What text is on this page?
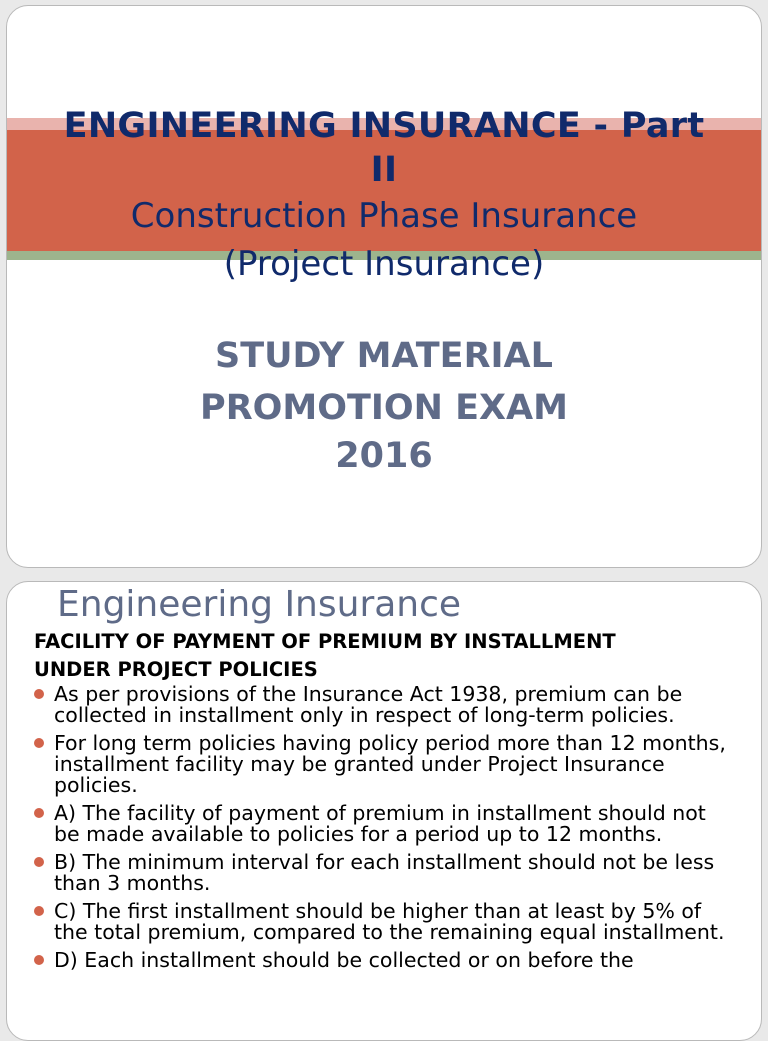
ENGINEERING INSURANCE - Part
II
Construction Phase Insurance
(Project Insurance)
STUDY MATERIAL
PROMOTION EXAM
2016
Engineering Insurance
FACILITY OF PAYMENT OF PREMIUM BY INSTALLMENT
UNDER PROJECT POLICIES
As per provisions of the Insurance Act 1938, premium can be collected in installment only in respect of long-term policies.
For long term policies having policy period more than 12 months, installment facility may be granted under Project Insurance policies.
A) The facility of payment of premium in installment should not be made available to policies for a period up to 12 months.
B) The minimum interval for each installment should not be less than 3 months.
C) The first installment should be higher than at least by 5% of the total premium, compared to the remaining equal installment.
D) Each installment should be collected or on before the
